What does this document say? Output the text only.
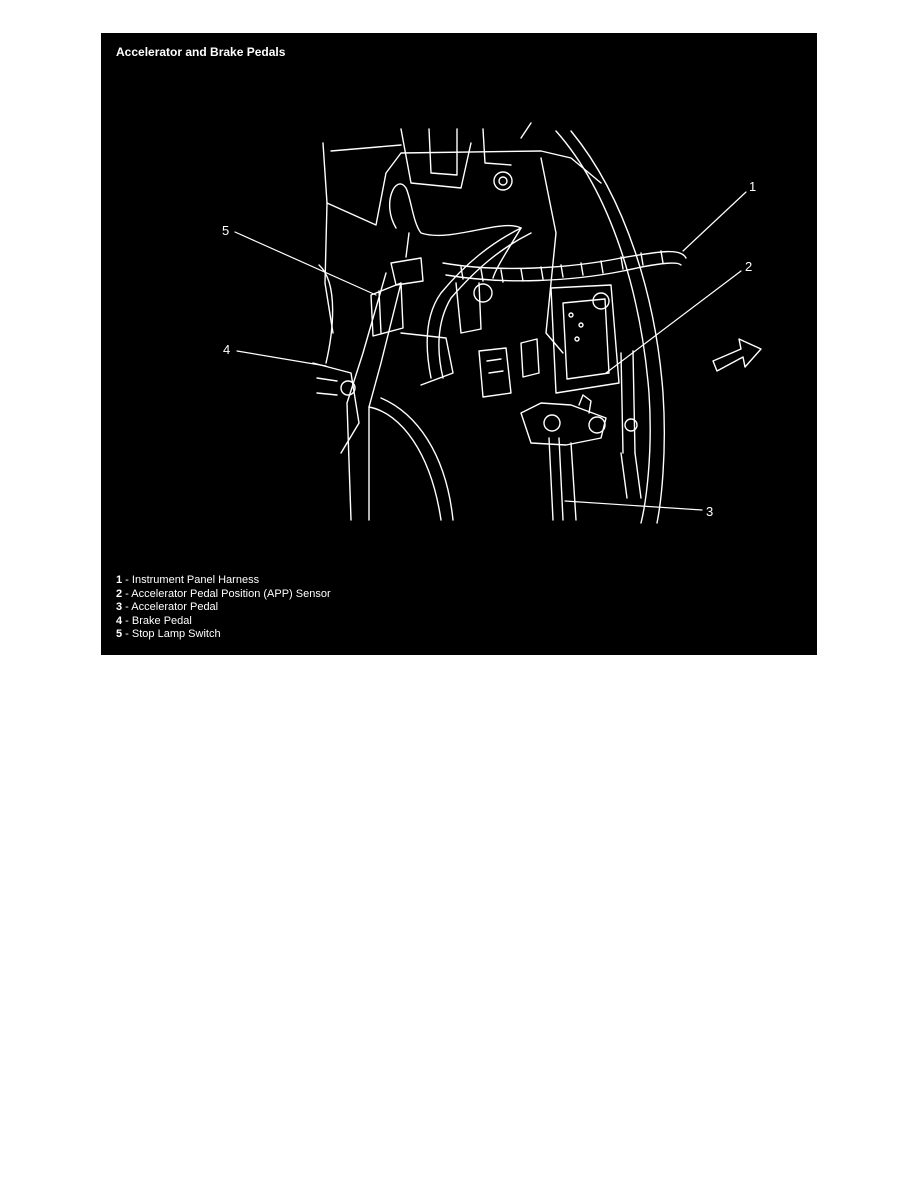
Accelerator and Brake Pedals
1
2
3
4
5
1 - Instrument Panel Harness
2 - Accelerator Pedal Position (APP) Sensor
3 - Accelerator Pedal
4 - Brake Pedal
5 - Stop Lamp Switch
